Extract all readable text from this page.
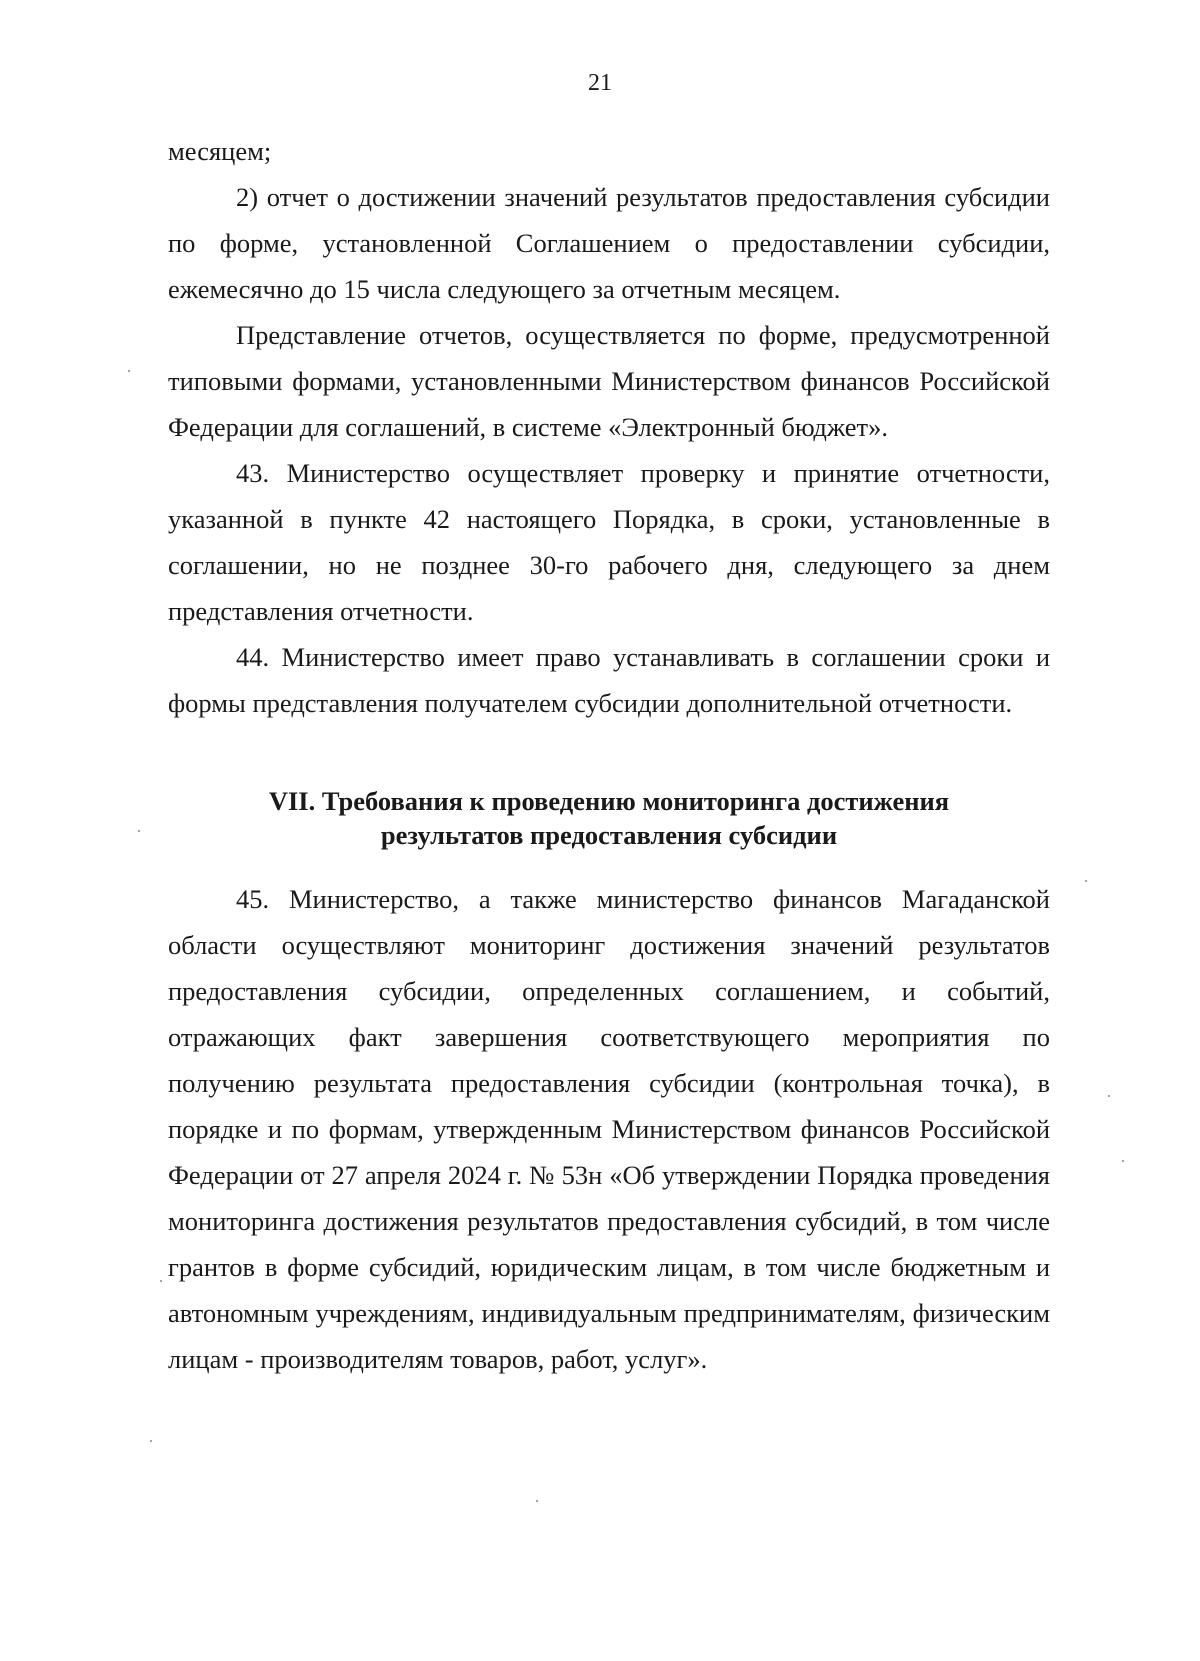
21

месяцем;

2) отчет о достижении значений результатов предоставления субсидии по форме, установленной Соглашением о предоставлении субсидии, ежемесячно до 15 числа следующего за отчетным месяцем.

Представление отчетов, осуществляется по форме, предусмотренной типовыми формами, установленными Министерством финансов Российской Федерации для соглашений, в системе «Электронный бюджет».

43. Министерство осуществляет проверку и принятие отчетности, указанной в пункте 42 настоящего Порядка, в сроки, установленные в соглашении, но не позднее 30-го рабочего дня, следующего за днем представления отчетности.

44. Министерство имеет право устанавливать в соглашении сроки и формы представления получателем субсидии дополнительной отчетности.

VII. Требования к проведению мониторинга достижения
результатов предоставления субсидии

45. Министерство, а также министерство финансов Магаданской области осуществляют мониторинг достижения значений результатов предоставления субсидии, определенных соглашением, и событий, отражающих факт завершения соответствующего мероприятия по получению результата предоставления субсидии (контрольная точка), в порядке и по формам, утвержденным Министерством финансов Российской Федерации от 27 апреля 2024 г. № 53н «Об утверждении Порядка проведения мониторинга достижения результатов предоставления субсидий, в том числе грантов в форме субсидий, юридическим лицам, в том числе бюджетным и автономным учреждениям, индивидуальным предпринимателям, физическим лицам - производителям товаров, работ, услуг».
